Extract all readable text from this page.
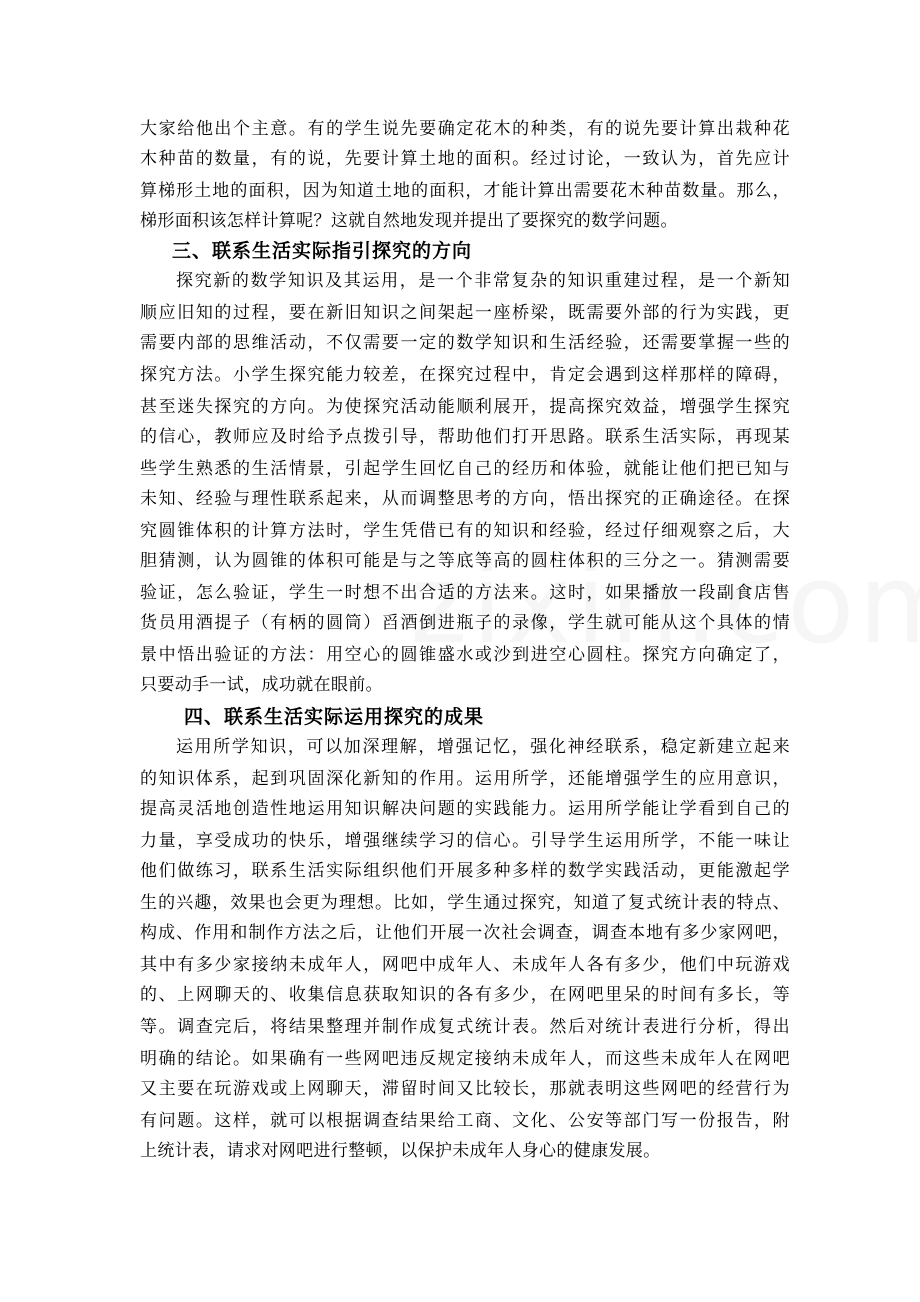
大家给他出个主意。有的学生说先要确定花木的种类，有的说先要计算出栽种花
木种苗的数量，有的说，先要计算土地的面积。经过讨论，一致认为，首先应计
算梯形土地的面积，因为知道土地的面积，才能计算出需要花木种苗数量。那么，
梯形面积该怎样计算呢？这就自然地发现并提出了要探究的数学问题。
三、联系生活实际指引探究的方向
探究新的数学知识及其运用，是一个非常复杂的知识重建过程，是一个新知
顺应旧知的过程，要在新旧知识之间架起一座桥梁，既需要外部的行为实践，更
需要内部的思维活动，不仅需要一定的数学知识和生活经验，还需要掌握一些的
探究方法。小学生探究能力较差，在探究过程中，肯定会遇到这样那样的障碍，
甚至迷失探究的方向。为使探究活动能顺利展开，提高探究效益，增强学生探究
的信心，教师应及时给予点拨引导，帮助他们打开思路。联系生活实际，再现某
些学生熟悉的生活情景，引起学生回忆自己的经历和体验，就能让他们把已知与
未知、经验与理性联系起来，从而调整思考的方向，悟出探究的正确途径。在探
究圆锥体积的计算方法时，学生凭借已有的知识和经验，经过仔细观察之后，大
胆猜测，认为圆锥的体积可能是与之等底等高的圆柱体积的三分之一。猜测需要
验证，怎么验证，学生一时想不出合适的方法来。这时，如果播放一段副食店售
货员用酒提子（有柄的圆筒）舀酒倒进瓶子的录像，学生就可能从这个具体的情
景中悟出验证的方法：用空心的圆锥盛水或沙到进空心圆柱。探究方向确定了，
只要动手一试，成功就在眼前。
四、联系生活实际运用探究的成果
运用所学知识，可以加深理解，增强记忆，强化神经联系，稳定新建立起来
的知识体系，起到巩固深化新知的作用。运用所学，还能增强学生的应用意识，
提高灵活地创造性地运用知识解决问题的实践能力。运用所学能让学看到自己的
力量，享受成功的快乐，增强继续学习的信心。引导学生运用所学，不能一味让
他们做练习，联系生活实际组织他们开展多种多样的数学实践活动，更能激起学
生的兴趣，效果也会更为理想。比如，学生通过探究，知道了复式统计表的特点、
构成、作用和制作方法之后，让他们开展一次社会调查，调查本地有多少家网吧，
其中有多少家接纳未成年人，网吧中成年人、未成年人各有多少，他们中玩游戏
的、上网聊天的、收集信息获取知识的各有多少，在网吧里呆的时间有多长，等
等。调查完后，将结果整理并制作成复式统计表。然后对统计表进行分析，得出
明确的结论。如果确有一些网吧违反规定接纳未成年人，而这些未成年人在网吧
又主要在玩游戏或上网聊天，滞留时间又比较长，那就表明这些网吧的经营行为
有问题。这样，就可以根据调查结果给工商、文化、公安等部门写一份报告，附
上统计表，请求对网吧进行整顿，以保护未成年人身心的健康发展。
